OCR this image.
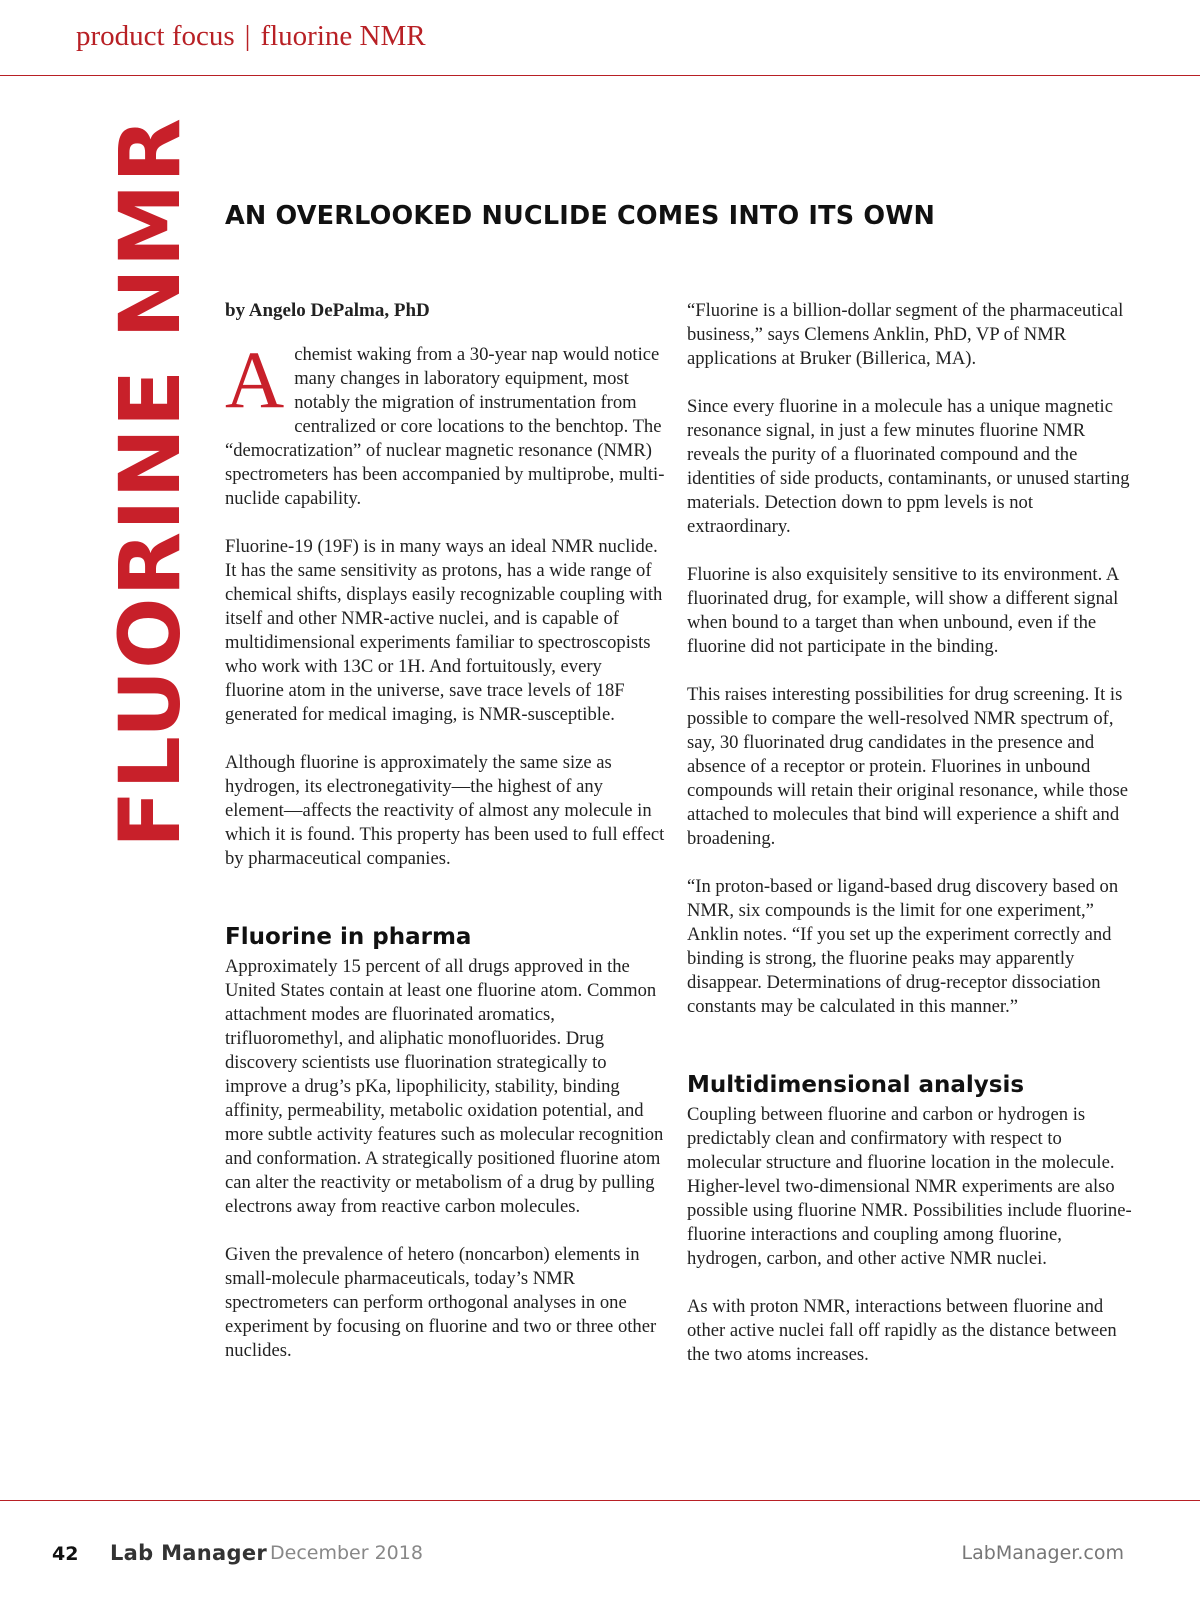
product focus | fluorine NMR
FLUORINE NMR AN OVERLOOKED NUCLIDE COMES INTO ITS OWN

by Angelo DePalma, PhD

Achemist waking from a 30-year nap would notice many changes in laboratory equipment, most notably the migration of instrumentation from centralized or core locations to the benchtop. The “democratization” of nuclear magnetic resonance (NMR) spectrometers has been accompanied by multiprobe, multi-nuclide capability.

Fluorine-19 (19F) is in many ways an ideal NMR nuclide. It has the same sensitivity as protons, has a wide range of chemical shifts, displays easily recognizable coupling with itself and other NMR-active nuclei, and is capable of multidimensional experiments familiar to spectroscopists who work with 13C or 1H. And fortuitously, every fluorine atom in the universe, save trace levels of 18F generated for medical imaging, is NMR-susceptible.

Although fluorine is approximately the same size as hydrogen, its electronegativity—the highest of any element—affects the reactivity of almost any molecule in which it is found. This property has been used to full effect by pharmaceutical companies.

Fluorine in pharma

Approximately 15 percent of all drugs approved in the United States contain at least one fluorine atom. Common attachment modes are fluorinated aromatics, trifluoromethyl, and aliphatic monofluorides. Drug discovery scientists use fluorination strategically to improve a drug’s pKa, lipophilicity, stability, binding affinity, permeability, metabolic oxidation potential, and more subtle activity features such as molecular recognition and conformation. A strategically positioned fluorine atom can alter the reactivity or metabolism of a drug by pulling electrons away from reactive carbon molecules.

Given the prevalence of hetero (noncarbon) elements in small-molecule pharmaceuticals, today’s NMR spectrometers can perform orthogonal analyses in one experiment by focusing on fluorine and two or three other nuclides.

“Fluorine is a billion-dollar segment of the pharmaceutical business,” says Clemens Anklin, PhD, VP of NMR applications at Bruker (Billerica, MA).

Since every fluorine in a molecule has a unique magnetic resonance signal, in just a few minutes fluorine NMR reveals the purity of a fluorinated compound and the identities of side products, contaminants, or unused starting materials. Detection down to ppm levels is not extraordinary.

Fluorine is also exquisitely sensitive to its environment. A fluorinated drug, for example, will show a different signal when bound to a target than when unbound, even if the fluorine did not participate in the binding.

This raises interesting possibilities for drug screening. It is possible to compare the well-resolved NMR spectrum of, say, 30 fluorinated drug candidates in the presence and absence of a receptor or protein. Fluorines in unbound compounds will retain their original resonance, while those attached to molecules that bind will experience a shift and broadening.

“In proton-based or ligand-based drug discovery based on NMR, six compounds is the limit for one experiment,” Anklin notes. “If you set up the experiment correctly and binding is strong, the fluorine peaks may apparently disappear. Determinations of drug-receptor dissociation constants may be calculated in this manner.”

Multidimensional analysis

Coupling between fluorine and carbon or hydrogen is predictably clean and confirmatory with respect to molecular structure and fluorine location in the molecule. Higher-level two-dimensional NMR experiments are also possible using fluorine NMR. Possibilities include fluorine-fluorine interactions and coupling among fluorine, hydrogen, carbon, and other active NMR nuclei.

As with proton NMR, interactions between fluorine and other active nuclei fall off rapidly as the distance between the two atoms increases.

42 Lab Manager December 2018	LabManager.com
